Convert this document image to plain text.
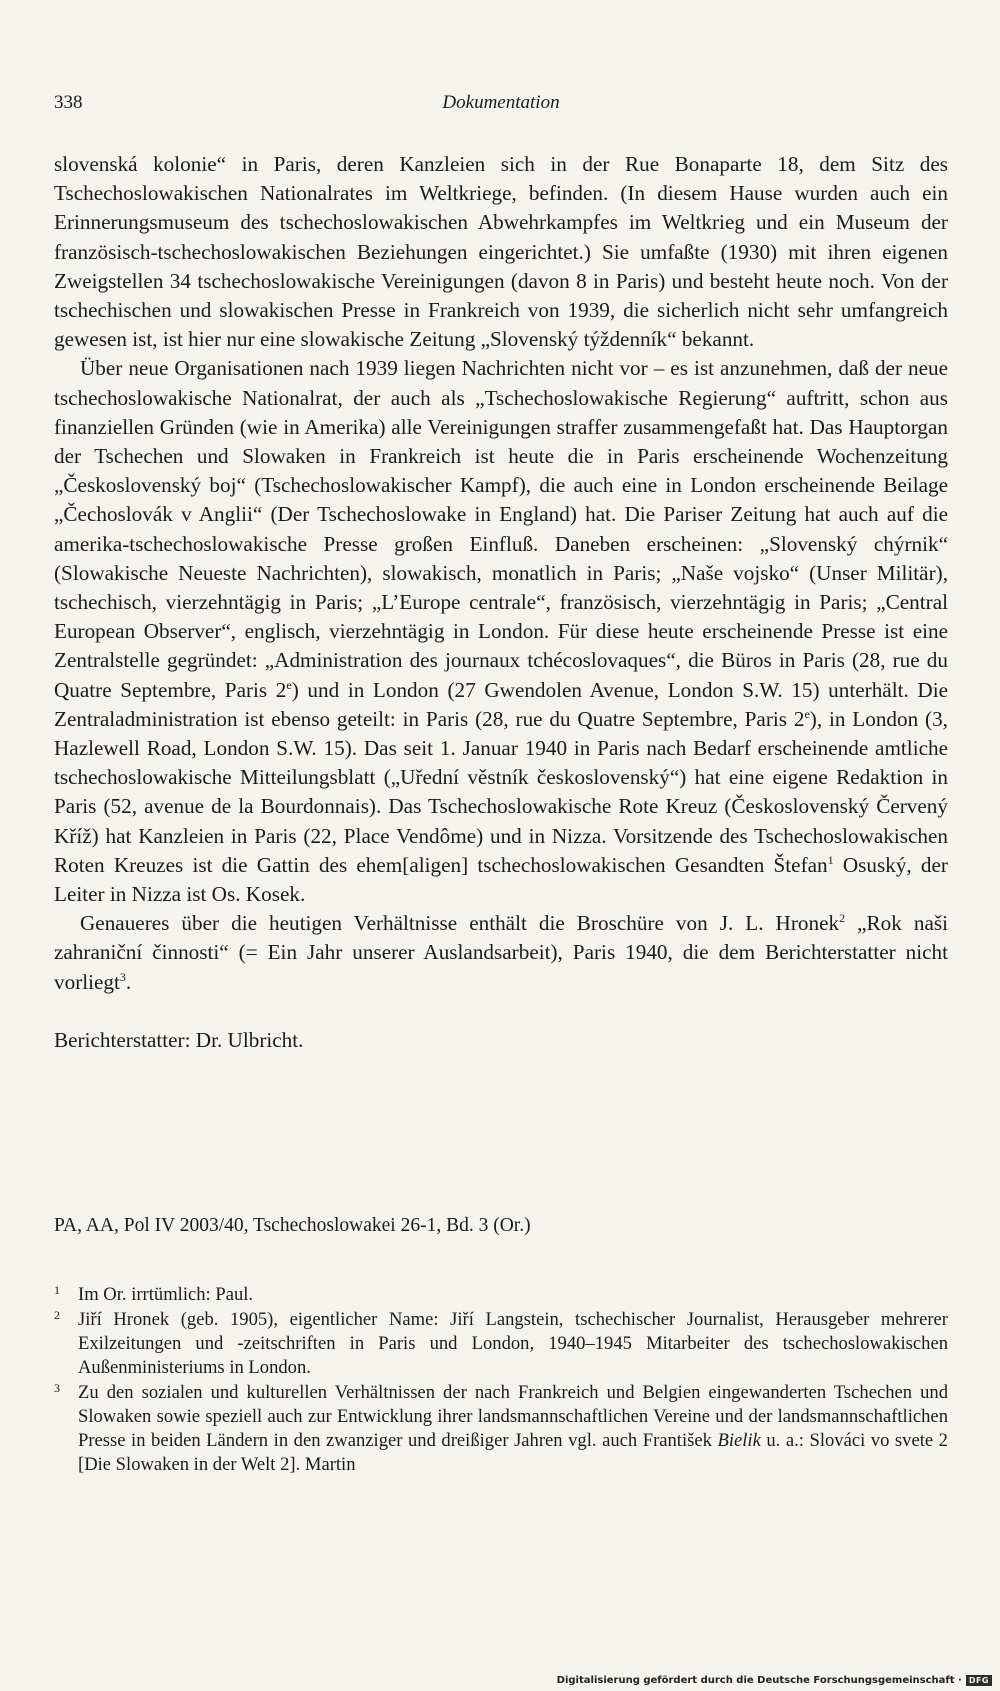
338	Dokumentation

slovenská kolonie“ in Paris, deren Kanzleien sich in der Rue Bonaparte 18, dem Sitz des Tschechoslowakischen Nationalrates im Weltkriege, befinden. (In diesem Hause wurden auch ein Erinnerungsmuseum des tschechoslowakischen Abwehrkampfes im Weltkrieg und ein Museum der französisch-tschechoslowakischen Beziehungen eingerichtet.) Sie umfaßte (1930) mit ihren eigenen Zweigstellen 34 tschechoslowakische Vereinigungen (davon 8 in Paris) und besteht heute noch. Von der tschechischen und slowakischen Presse in Frankreich von 1939, die sicherlich nicht sehr umfangreich gewesen ist, ist hier nur eine slowakische Zeitung „Slovenský týždenník“ bekannt.

Über neue Organisationen nach 1939 liegen Nachrichten nicht vor – es ist anzunehmen, daß der neue tschechoslowakische Nationalrat, der auch als „Tschechoslowakische Regierung“ auftritt, schon aus finanziellen Gründen (wie in Amerika) alle Vereinigungen straffer zusammengefaßt hat. Das Hauptorgan der Tschechen und Slowaken in Frankreich ist heute die in Paris erscheinende Wochenzeitung „Československý boj“ (Tschechoslowakischer Kampf), die auch eine in London erscheinende Beilage „Čechoslovák v Anglii“ (Der Tschechoslowake in England) hat. Die Pariser Zeitung hat auch auf die amerika-tschechoslowakische Presse großen Einfluß. Daneben erscheinen: „Slovenský chýrnik“ (Slowakische Neueste Nachrichten), slowakisch, monatlich in Paris; „Naše vojsko“ (Unser Militär), tschechisch, vierzehntägig in Paris; „L’Europe centrale“, französisch, vierzehntägig in Paris; „Central European Observer“, englisch, vierzehntägig in London. Für diese heute erscheinende Presse ist eine Zentralstelle gegründet: „Administration des journaux tchécoslovaques“, die Büros in Paris (28, rue du Quatre Septembre, Paris 2e) und in London (27 Gwendolen Avenue, London S.W. 15) unterhält. Die Zentraladministration ist ebenso geteilt: in Paris (28, rue du Quatre Septembre, Paris 2e), in London (3, Hazlewell Road, London S.W. 15). Das seit 1. Januar 1940 in Paris nach Bedarf erscheinende amtliche tschechoslowakische Mitteilungsblatt („Uřední věstník československý“) hat eine eigene Redaktion in Paris (52, avenue de la Bourdonnais). Das Tschechoslowakische Rote Kreuz (Československý Červený Kříž) hat Kanzleien in Paris (22, Place Vendôme) und in Nizza. Vorsitzende des Tschechoslowakischen Roten Kreuzes ist die Gattin des ehem[aligen] tschechoslowakischen Gesandten Štefan$^1$ Osuský, der Leiter in Nizza ist Os. Kosek.

Genaueres über die heutigen Verhältnisse enthält die Broschüre von J. L. Hronek$^2$ „Rok naši zahraniční činnosti“ (= Ein Jahr unserer Auslandsarbeit), Paris 1940, die dem Berichterstatter nicht vorliegt$^3$.

Berichterstatter: Dr. Ulbricht.

PA, AA, Pol IV 2003/40, Tschechoslowakei 26-1, Bd. 3 (Or.)
1 Im Or. irrtümlich: Paul.
2 Jiří Hronek (geb. 1905), eigentlicher Name: Jiří Langstein, tschechischer Journalist, Herausgeber mehrerer Exilzeitungen und -zeitschriften in Paris und London, 1940–1945 Mitarbeiter des tschechoslowakischen Außenministeriums in London.
3 Zu den sozialen und kulturellen Verhältnissen der nach Frankreich und Belgien eingewanderten Tschechen und Slowaken sowie speziell auch zur Entwicklung ihrer landsmannschaftlichen Vereine und der landsmannschaftlichen Presse in beiden Ländern in den zwanziger und dreißiger Jahren vgl. auch František Bielik u. a.: Slováci vo svete 2 [Die Slowaken in der Welt 2]. Martin
Digitalisierung gefördert durch die Deutsche Forschungsgemeinschaft · DFG
